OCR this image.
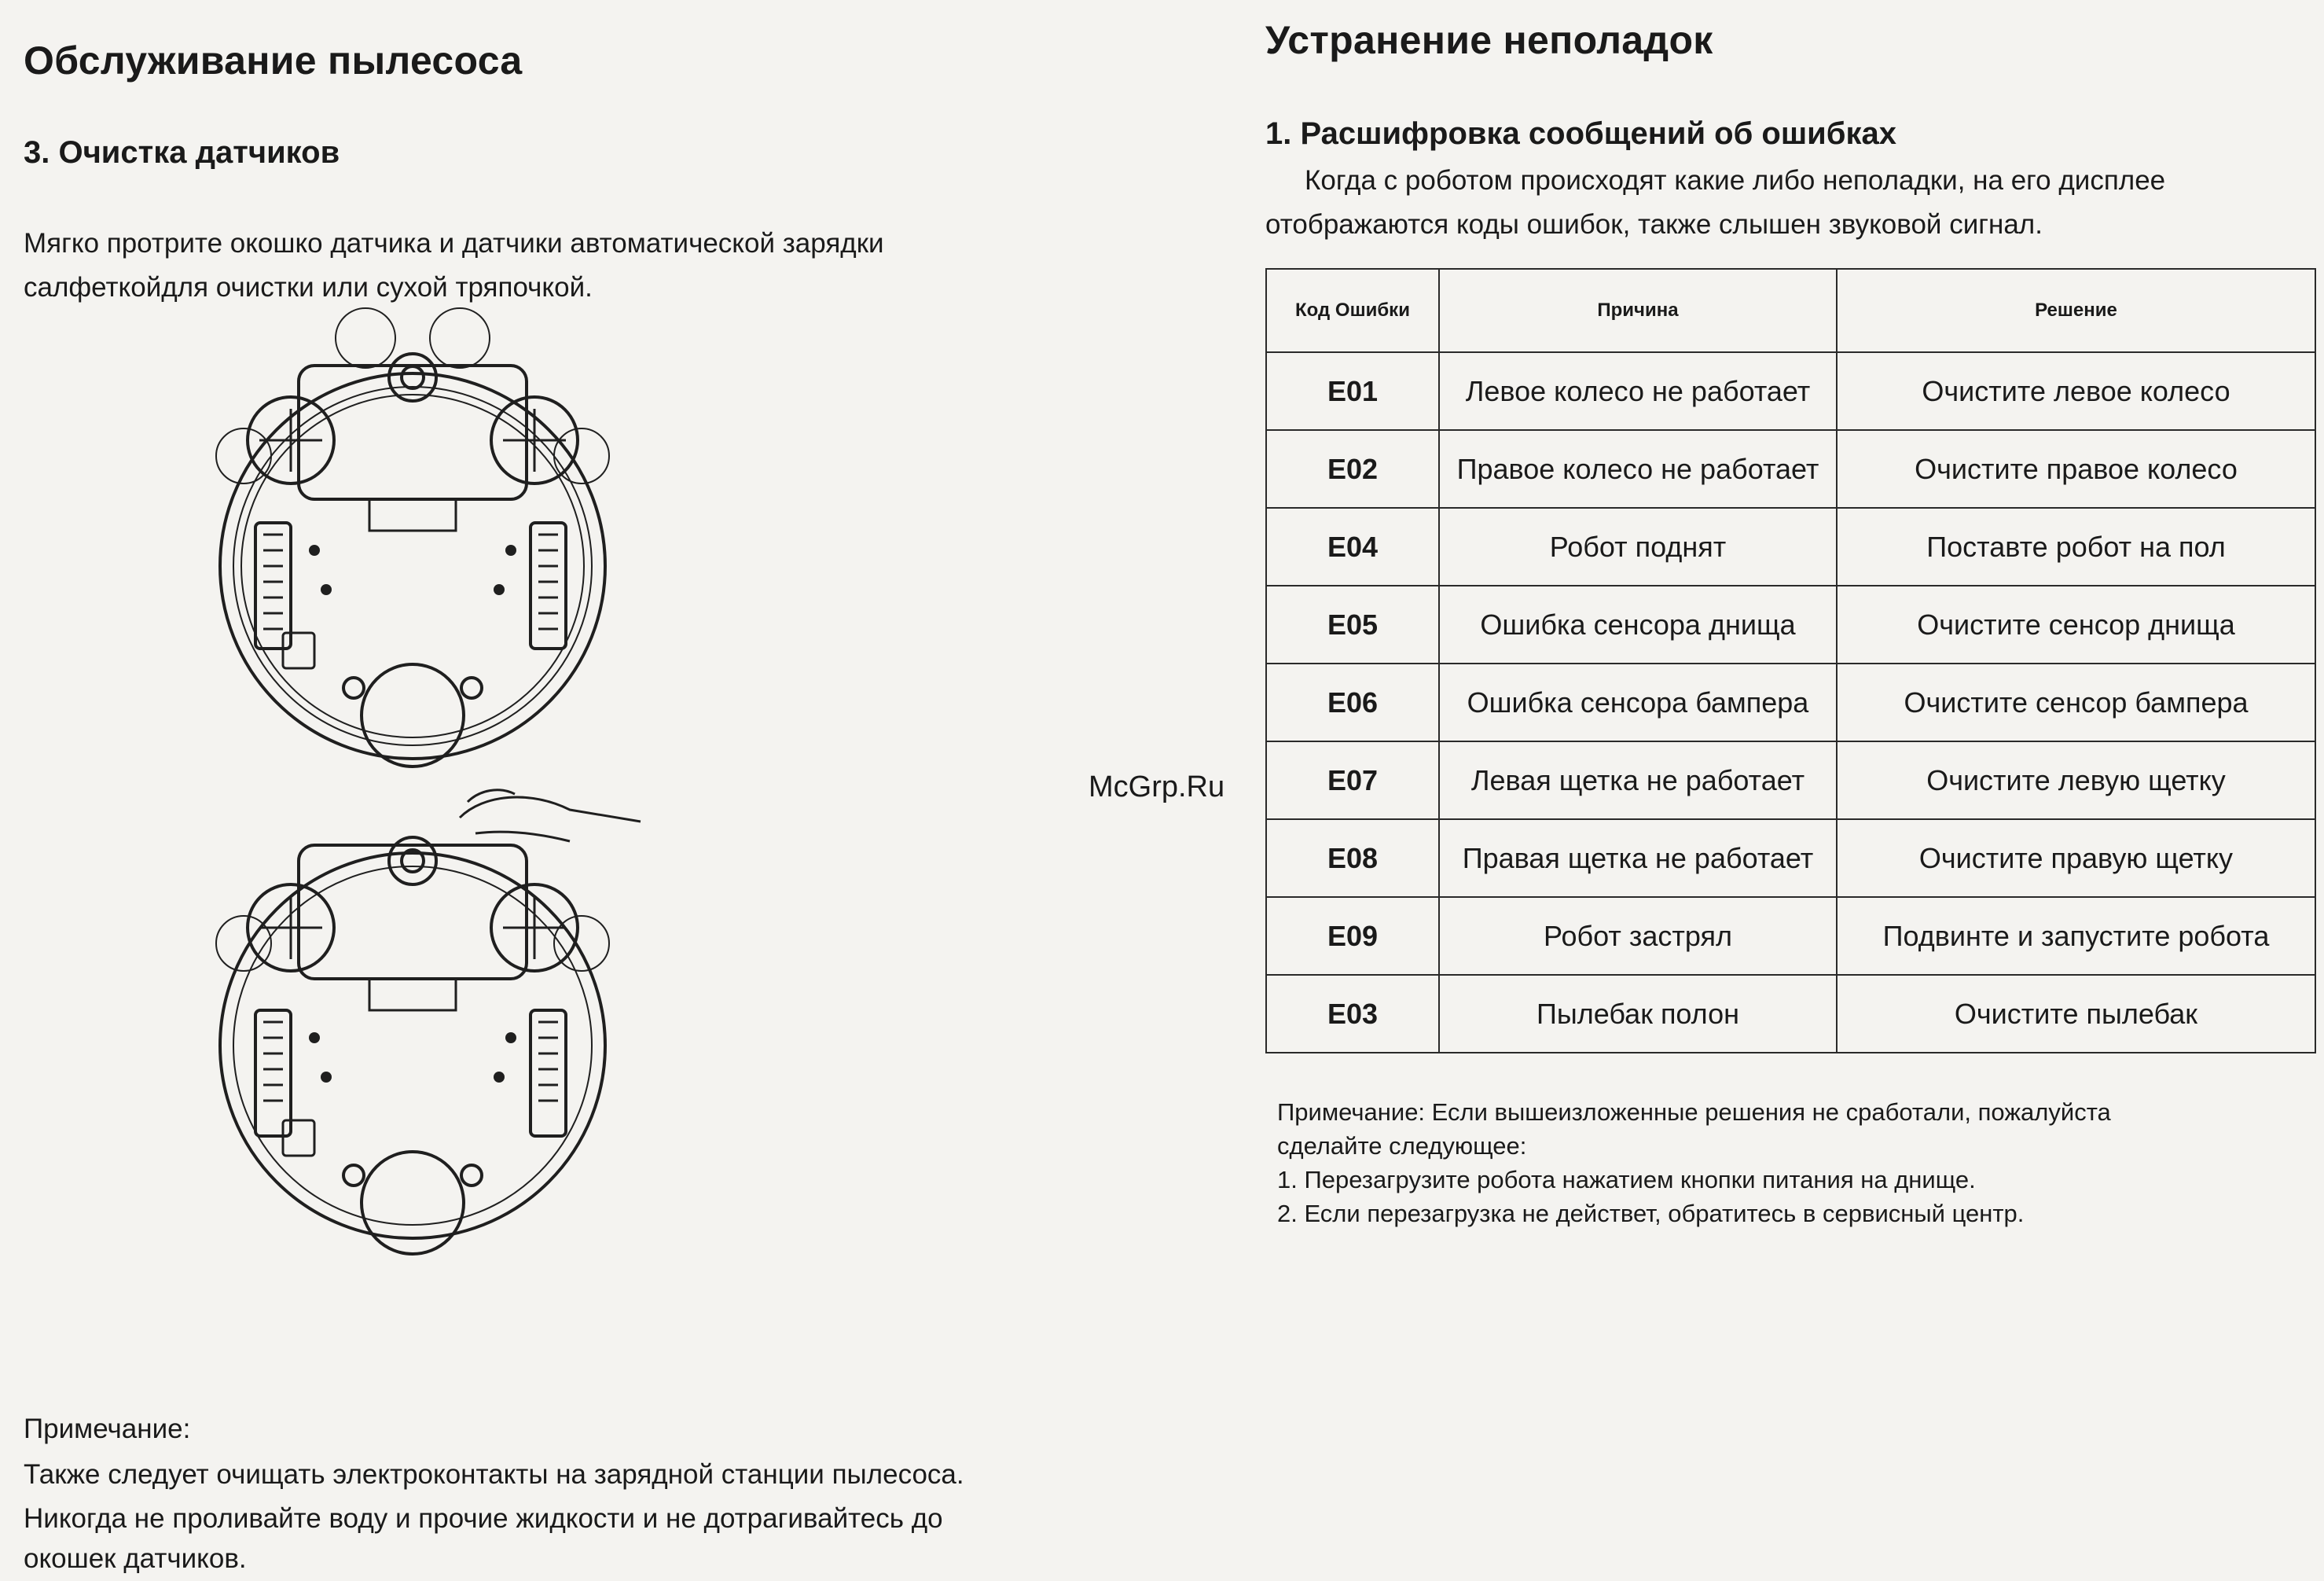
Обслуживание пылесоса
3. Очистка датчиков

Мягко протрите окошко датчика и датчики автоматической зарядки

салфеткойдля очистки или сухой тряпочкой.

Примечание:

Также следует очищать электроконтакты на зарядной станции пылесоса.

Никогда не проливайте воду и прочие жидкости и не дотрагивайтесь до

окошек датчиков.

McGrp.Ru
Устранение неполадок
1. Расшифровка сообщений об ошибках

Когда с роботом происходят какие либо неполадки, на его дисплее

отображаются коды ошибок, также слышен звуковой сигнал.

Код Ошибки	Причина	Решение
E01	Левое колесо не работает	Очистите левое колесо
E02	Правое колесо не работает	Очистите правое колесо
E04	Робот поднят	Поставте робот на пол
E05	Ошибка сенсора днища	Очистите сенсор днища
E06	Ошибка сенсора бампера	Очистите сенсор бампера
E07	Левая щетка не работает	Очистите левую щетку
E08	Правая щетка не работает	Очистите правую щетку
E09	Робот застрял	Подвинте и запустите робота
E03	Пылебак полон	Очистите пылебак

Примечание: Если вышеизложенные решения не сработали, пожалуйста

сделайте следующее:

1. Перезагрузите робота нажатием кнопки питания на днище.

2. Если перезагрузка не действет, обратитесь в сервисный центр.
